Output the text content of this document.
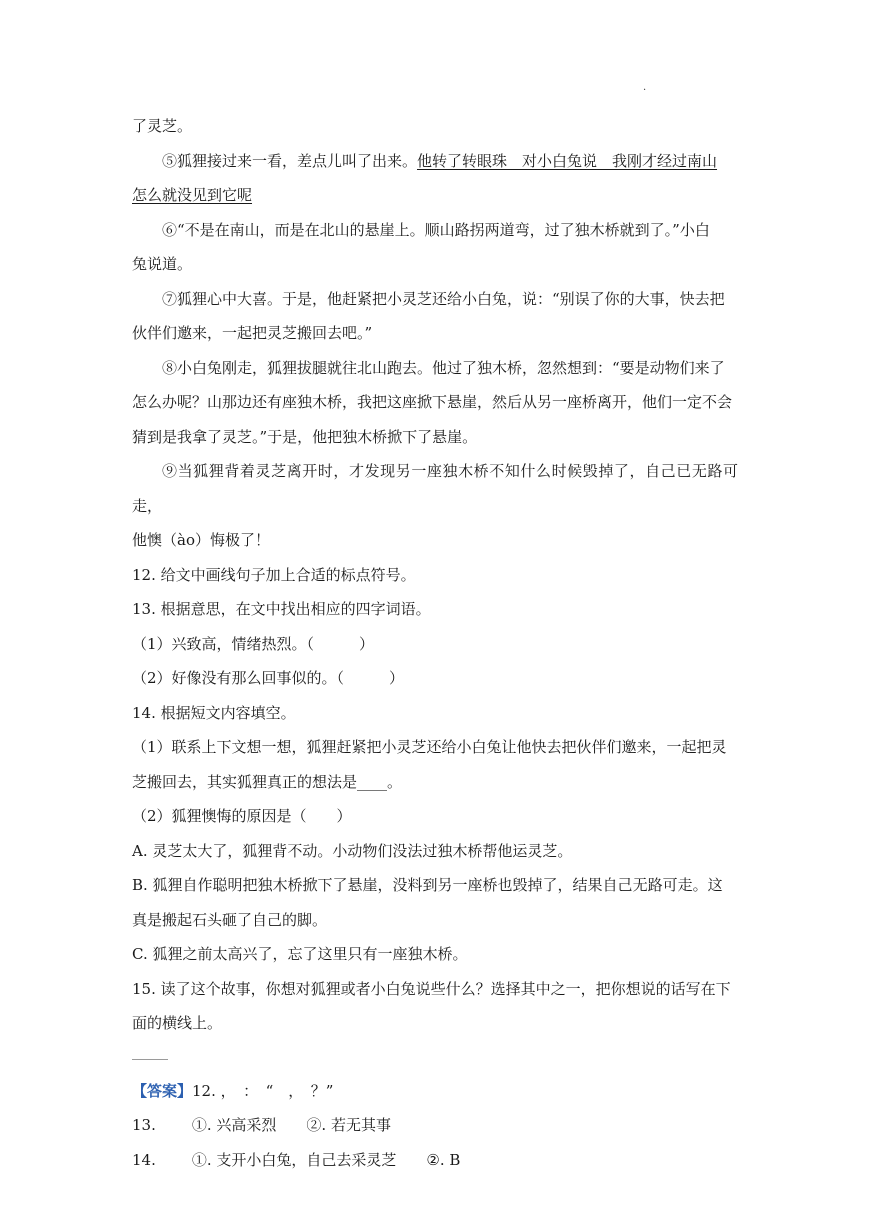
.

了灵芝。

⑤狐狸接过来一看，差点儿叫了出来。他转了转眼珠　对小白兔说　我刚才经过南山
怎么就没见到它呢

⑥“不是在南山，而是在北山的悬崖上。顺山路拐两道弯，过了独木桥就到了。”小白
兔说道。

⑦狐狸心中大喜。于是，他赶紧把小灵芝还给小白兔，说：“别误了你的大事，快去把
伙伴们邀来，一起把灵芝搬回去吧。”

⑧小白兔刚走，狐狸拔腿就往北山跑去。他过了独木桥，忽然想到：“要是动物们来了
怎么办呢？山那边还有座独木桥，我把这座掀下悬崖，然后从另一座桥离开，他们一定不会
猜到是我拿了灵芝。”于是，他把独木桥掀下了悬崖。

⑨当狐狸背着灵芝离开时，才发现另一座独木桥不知什么时候毁掉了，自己已无路可走，
他懊（ào）悔极了！

12. 给文中画线句子加上合适的标点符号。

13. 根据意思，在文中找出相应的四字词语。

（1）兴致高，情绪热烈。（　　　）

（2）好像没有那么回事似的。（　　　）

14. 根据短文内容填空。

（1）联系上下文想一想，狐狸赶紧把小灵芝还给小白兔让他快去把伙伴们邀来，一起把灵
芝搬回去，其实狐狸真正的想法是____。

（2）狐狸懊悔的原因是（　　）

A. 灵芝太大了，狐狸背不动。小动物们没法过独木桥帮他运灵芝。

B. 狐狸自作聪明把独木桥掀下了悬崖，没料到另一座桥也毁掉了，结果自己无路可走。这
真是搬起石头砸了自己的脚。

C. 狐狸之前太高兴了，忘了这里只有一座独木桥。

15. 读了这个故事，你想对狐狸或者小白兔说些什么？选择其中之一，把你想说的话写在下
面的横线上。

【答案】12. ，　：　“　，　？”

13. ①. 兴高采烈 ②. 若无其事

14. ①. 支开小白兔，自己去采灵芝 ②. B
